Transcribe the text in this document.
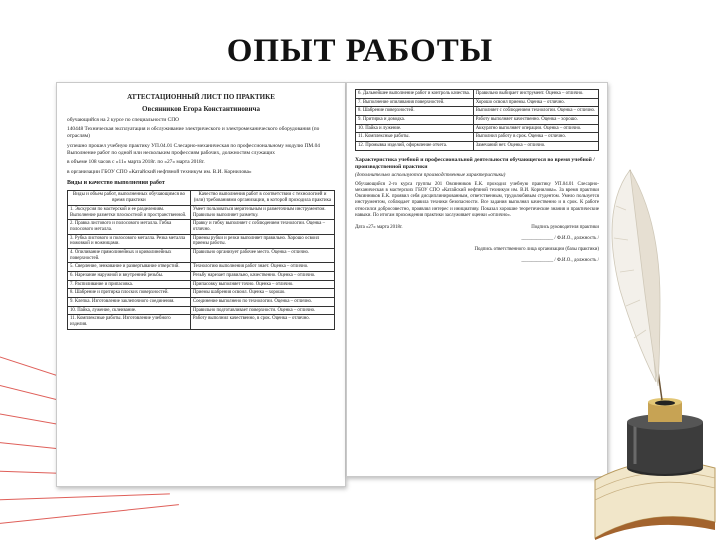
ОПЫТ РАБОТЫ
АТТЕСТАЦИОННЫЙ ЛИСТ ПО ПРАКТИКЕ
Овсянников Егора Константиновича
обучающийся на 2 курсе по специальности СПО
140448 Техническая эксплуатация и обслуживание электрического и электромеханического оборудования (по отраслям)
успешно прошел учебную практику УП.04.01 Слесарно-механическая по профессиональному модулю ПМ.04 Выполнение работ по одной или нескольким профессиям рабочих, должностям служащих
в объеме 108 часов с «11» марта 2018г. по «27» марта 2018г.
в организации ГБОУ СПО «Катайский нефтяной техникум им. В.И. Корнилова»
Виды и качество выполнения работ
Виды и объем работ, выполненных обучающимся во время практики	Качество выполнения работ в соответствии с технологией и (или) требованиями организации, в которой проходила практика
1. Экскурсия по мастерской и ее разделениям. Выполнение разметки плоскостной и пространственной.	Умеет пользоваться мерительным и разметочным инструментом. Правильно выполняет разметку.
2. Правка листового и полосового металла. Гибка полосового металла.	Правку и гибку выполняет с соблюдением технологии. Оценка – отлично.
3. Рубка листового и полосового металла. Резка металла ножовкой и ножницами.	Приемы рубки и резки выполняет правильно. Хорошо освоил приемы работы.
4. Опиливание прямолинейных и криволинейных поверхностей.	Правильно организует рабочее место. Оценка – отлично.
5. Сверление, зенкование и развертывание отверстий.	Технологию выполнения работ знает. Оценка – отлично.
6. Нарезание наружной и внутренней резьбы.	Резьбу нарезает правильно, качественно. Оценка – отлично.
7. Распиливание и припасовка.	Припасовку выполняет точно. Оценка – отлично.
8. Шабрение и притирка плоских поверхностей.	Приемы шабрения освоил. Оценка – хорошо.
9. Клепка. Изготовление заклепочного соединения.	Соединение выполнено по технологии. Оценка – отлично.
10. Пайка, лужение, склеивание.	Правильно подготавливает поверхности. Оценка – отлично.
11. Комплексные работы. Изготовление учебного изделия.	Работу выполнил качественно, в срок. Оценка – отлично.
6. Дальнейшее выполнение работ и контроль качества.	Правильно выбирает инструмент. Оценка – отлично.
7. Выполнение опиливания поверхностей.	Хорошо освоил приемы. Оценка – отлично.
8. Шабрение поверхностей.	Выполняет с соблюдением технологии. Оценка – отлично.
9. Притирка и доводка.	Работу выполняет качественно. Оценка – хорошо.
10. Пайка и лужение.	Аккуратно выполняет операции. Оценка – отлично.
11. Комплексные работы.	Выполнил работу в срок. Оценка – отлично.
12. Промывка изделий, оформление отчета.	Замечаний нет. Оценка – отлично.
Характеристика учебной и профессиональной деятельности обучающегося во время учебной / производственной практики
(дополнительно используются производственные характеристики)
Обучающийся 2-го курса группы 201 Овсянников Е.К. проходил учебную практику УП.04.01 Слесарно-механическая в мастерских ГБОУ СПО «Катайский нефтяной техникум им. В.И. Корнилова». За время практики Овсянников Е.К. проявил себя дисциплинированным, ответственным, трудолюбивым студентом. Умело пользуется инструментом, соблюдает правила техники безопасности. Все задания выполнял качественно и в срок. К работе относился добросовестно, проявлял интерес и инициативу. Показал хорошие теоретические знания и практические навыки. По итогам прохождения практики заслуживает оценки «отлично».
Дата «27» марта 2018г.	Подпись руководителя практики
_____________ / Ф.И.О., должность /
Подпись ответственного лица организации (базы практики)
_____________ / Ф.И.О., должность /
